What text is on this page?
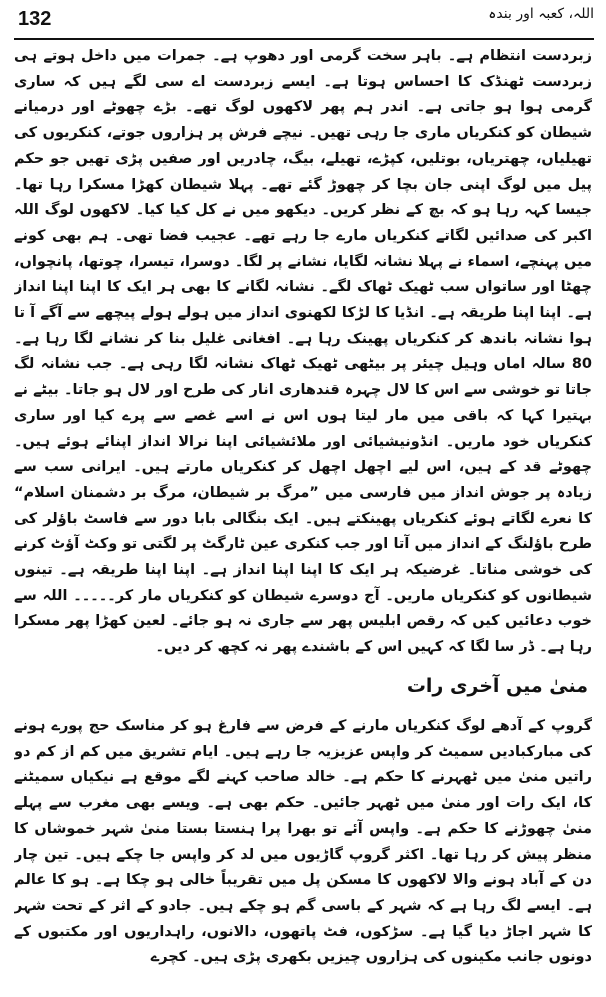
132	اللہ، کعبہ اور بندہ

زبردست انتظام ہے۔ باہر سخت گرمی اور دھوپ ہے۔ جمرات میں داخل ہوتے ہی زبردست ٹھنڈک کا احساس ہوتا ہے۔ ایسے زبردست اے سی لگے ہیں کہ ساری گرمی ہوا ہو جاتی ہے۔ اندر ہم پھر لاکھوں لوگ تھے۔ بڑے چھوٹے اور درمیانے شیطان کو کنکریاں ماری جا رہی تھیں۔ نیچے فرش پر ہزاروں جوتے، کنکریوں کی تھیلیاں، چھتریاں، بوتلیں، کپڑے، تھیلے، بیگ، چادریں اور صفیں پڑی تھیں جو حکم پیل میں لوگ اپنی جان بچا کر چھوڑ گئے تھے۔ پہلا شیطان کھڑا مسکرا رہا تھا۔ جیسا کہہ رہا ہو کہ بچ کے نظر کریں۔ دیکھو میں نے کل کیا کیا۔ لاکھوں لوگ اللہ اکبر کی صدائیں لگاتے کنکریاں مارے جا رہے تھے۔ عجیب فضا تھی۔ ہم بھی کونے میں پہنچے، اسماء نے پہلا نشانہ لگایا، نشانے پر لگا۔ دوسرا، تیسرا، چوتھا، پانچواں، چھٹا اور ساتواں سب ٹھیک ٹھاک لگے۔ نشانہ لگانے کا بھی ہر ایک کا اپنا اپنا انداز ہے۔ اپنا اپنا طریقہ ہے۔ انڈیا کا لڑکا لکھنوی انداز میں ہولے ہولے پیچھے سے آگے آ تا ہوا نشانہ باندھ کر کنکریاں پھینک رہا ہے۔ افغانی غلیل بنا کر نشانے لگا رہا ہے۔ 80 سالہ اماں وہیل چیئر پر بیٹھی ٹھیک ٹھاک نشانہ لگا رہی ہے۔ جب نشانہ لگ جاتا تو خوشی سے اس کا لال چہرہ قندھاری انار کی طرح اور لال ہو جاتا۔ بیٹے نے بہتیرا کہا کہ باقی میں مار لیتا ہوں اس نے اسے غصے سے پرے کیا اور ساری کنکریاں خود ماریں۔ انڈونیشیائی اور ملائشیائی اپنا نرالا انداز اپنائے ہوئے ہیں۔ چھوٹے قد کے ہیں، اس لیے اچھل اچھل کر کنکریاں مارتے ہیں۔ ایرانی سب سے زیادہ پر جوش انداز میں فارسی میں ”مرگ بر شیطان، مرگ بر دشمنان اسلام“ کا نعرے لگاتے ہوئے کنکریاں پھینکتے ہیں۔ ایک بنگالی بابا دور سے فاسٹ باؤلر کی طرح باؤلنگ کے انداز میں آتا اور جب کنکری عین ٹارگٹ پر لگتی تو وکٹ آؤٹ کرنے کی خوشی مناتا۔ غرضیکہ ہر ایک کا اپنا اپنا انداز ہے۔ اپنا اپنا طریقہ ہے۔ تینوں شیطانوں کو کنکریاں ماریں۔ آج دوسرے شیطان کو کنکریاں مار کر۔۔۔۔۔ اللہ سے خوب دعائیں کیں کہ رقص ابلیس پھر سے جاری نہ ہو جائے۔ لعین کھڑا پھر مسکرا رہا ہے۔ ڈر سا لگا کہ کہیں اس کے باشندے پھر نہ کچھ کر دیں۔

منیٰ میں آخری رات

گروپ کے آدھے لوگ کنکریاں مارنے کے فرض سے فارغ ہو کر مناسک حج پورے ہونے کی مبارکبادیں سمیٹ کر واپس عزیزیہ جا رہے ہیں۔ ایام تشریق میں کم از کم دو راتیں منیٰ میں ٹھہرنے کا حکم ہے۔ خالد صاحب کہنے لگے موقع ہے نیکیاں سمیٹنے کا، ایک رات اور منیٰ میں ٹھہر جائیں۔ حکم بھی ہے۔ ویسے بھی مغرب سے پہلے منیٰ چھوڑنے کا حکم ہے۔ واپس آئے تو بھرا پرا ہنستا بستا منیٰ شہر خموشاں کا منظر پیش کر رہا تھا۔ اکثر گروپ گاڑیوں میں لد کر واپس جا چکے ہیں۔ تین چار دن کے آباد ہونے والا لاکھوں کا مسکن پل میں تقریباً خالی ہو چکا ہے۔ ہو کا عالم ہے۔ ایسے لگ رہا ہے کہ شہر کے باسی گم ہو چکے ہیں۔ جادو کے اثر کے تحت شہر کا شہر اجاڑ دیا گیا ہے۔ سڑکوں، فٹ پاتھوں، دالانوں، راہداریوں اور مکتبوں کے دونوں جانب مکینوں کی ہزاروں چیزیں بکھری پڑی ہیں۔ کچرے
